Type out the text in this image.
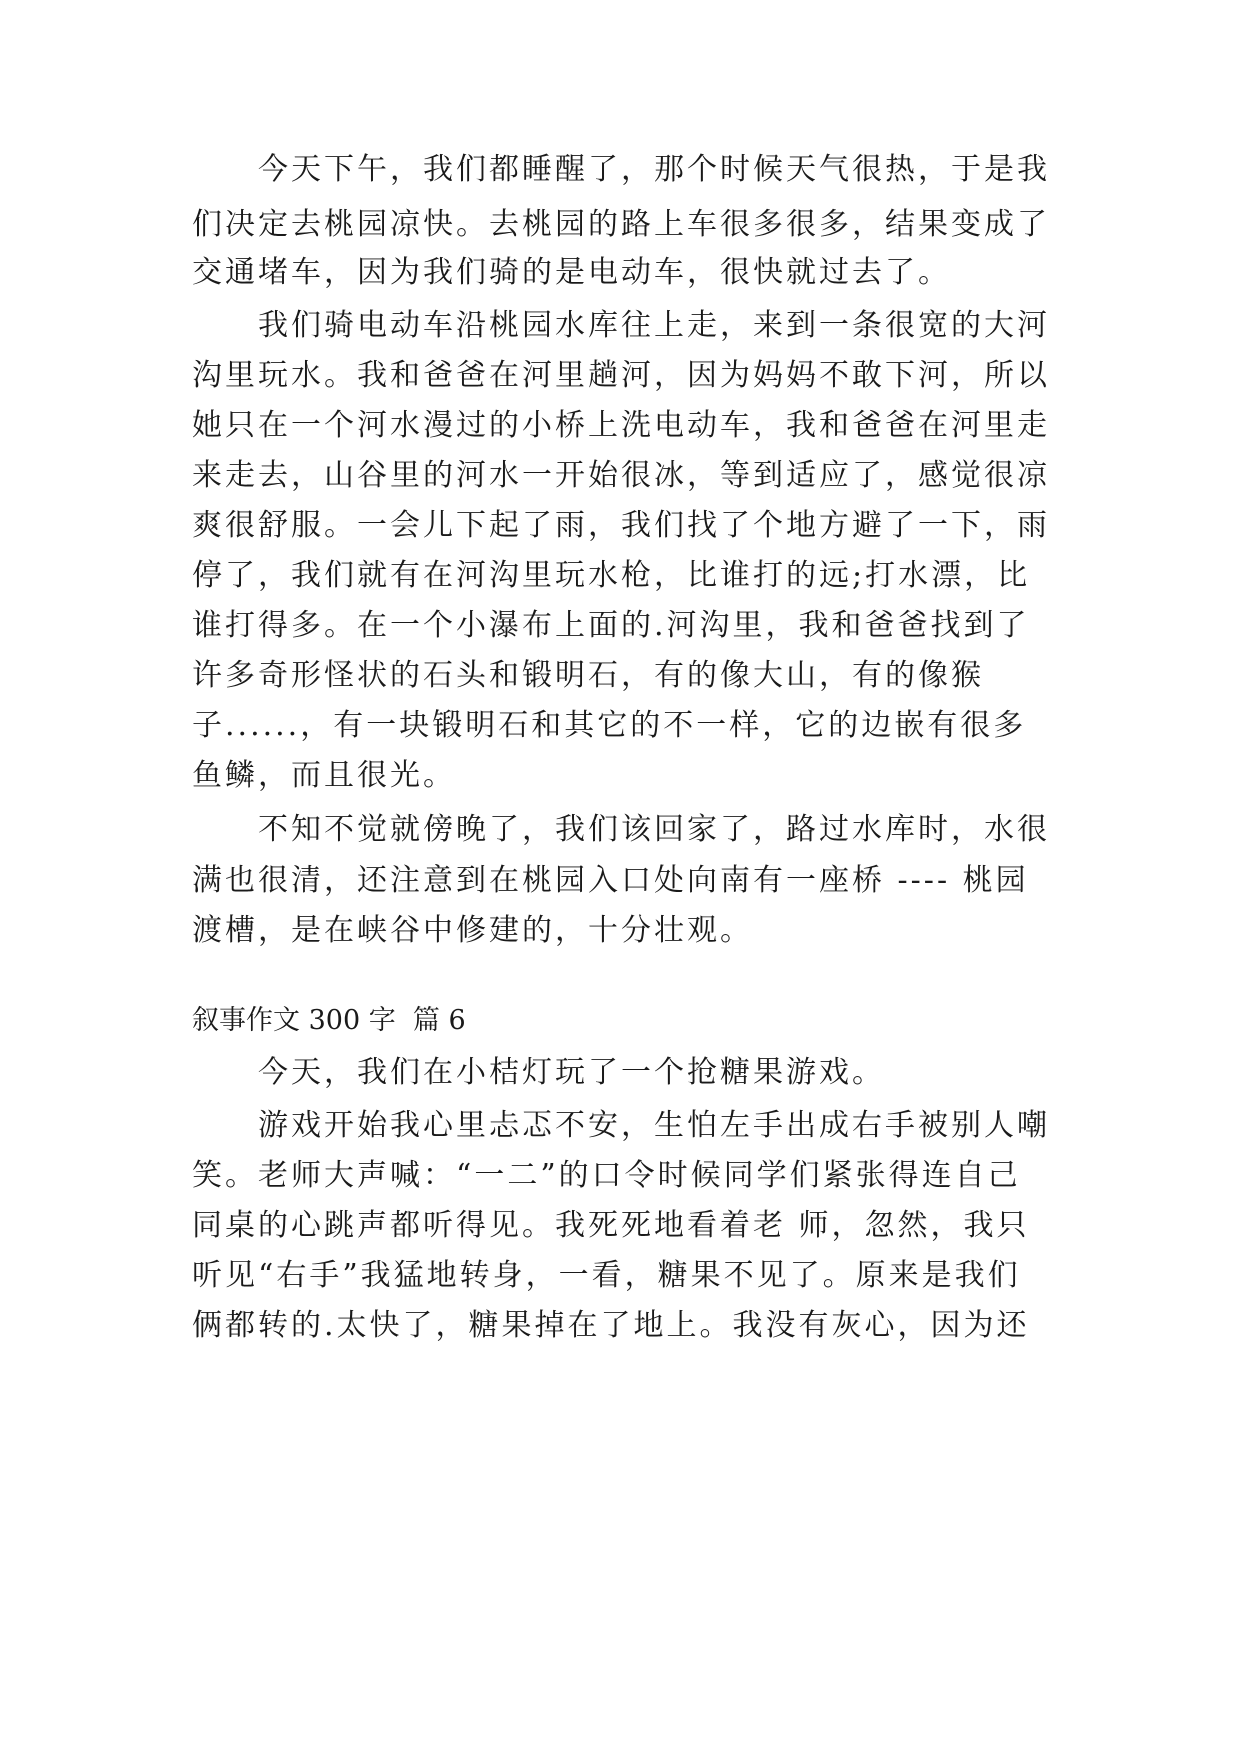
　　今天下午，我们都睡醒了，那个时候天气很热，于是我
们决定去桃园凉快。去桃园的路上车很多很多，结果变成了
交通堵车，因为我们骑的是电动车，很快就过去了。
　　我们骑电动车沿桃园水库往上走，来到一条很宽的大河
沟里玩水。我和爸爸在河里趟河，因为妈妈不敢下河，所以
她只在一个河水漫过的小桥上洗电动车，我和爸爸在河里走
来走去，山谷里的河水一开始很冰，等到适应了，感觉很凉
爽很舒服。一会儿下起了雨，我们找了个地方避了一下，雨
停了，我们就有在河沟里玩水枪，比谁打的远;打水漂，比
谁打得多。在一个小瀑布上面的.河沟里，我和爸爸找到了
许多奇形怪状的石头和锻明石，有的像大山，有的像猴
子......，有一块锻明石和其它的不一样，它的边嵌有很多
鱼鳞，而且很光。
　　不知不觉就傍晚了，我们该回家了，路过水库时，水很
满也很清，还注意到在桃园入口处向南有一座桥 ---- 桃园
渡槽，是在峡谷中修建的，十分壮观。
叙事作文 300 字  篇 6
　　今天，我们在小桔灯玩了一个抢糖果游戏。
　　游戏开始我心里忐忑不安，生怕左手出成右手被别人嘲
笑。老师大声喊：“一二”的口令时候同学们紧张得连自己
同桌的心跳声都听得见。我死死地看着老 师，忽然，我只
听见“右手”我猛地转身，一看，糖果不见了。原来是我们
俩都转的.太快了，糖果掉在了地上。我没有灰心，因为还
